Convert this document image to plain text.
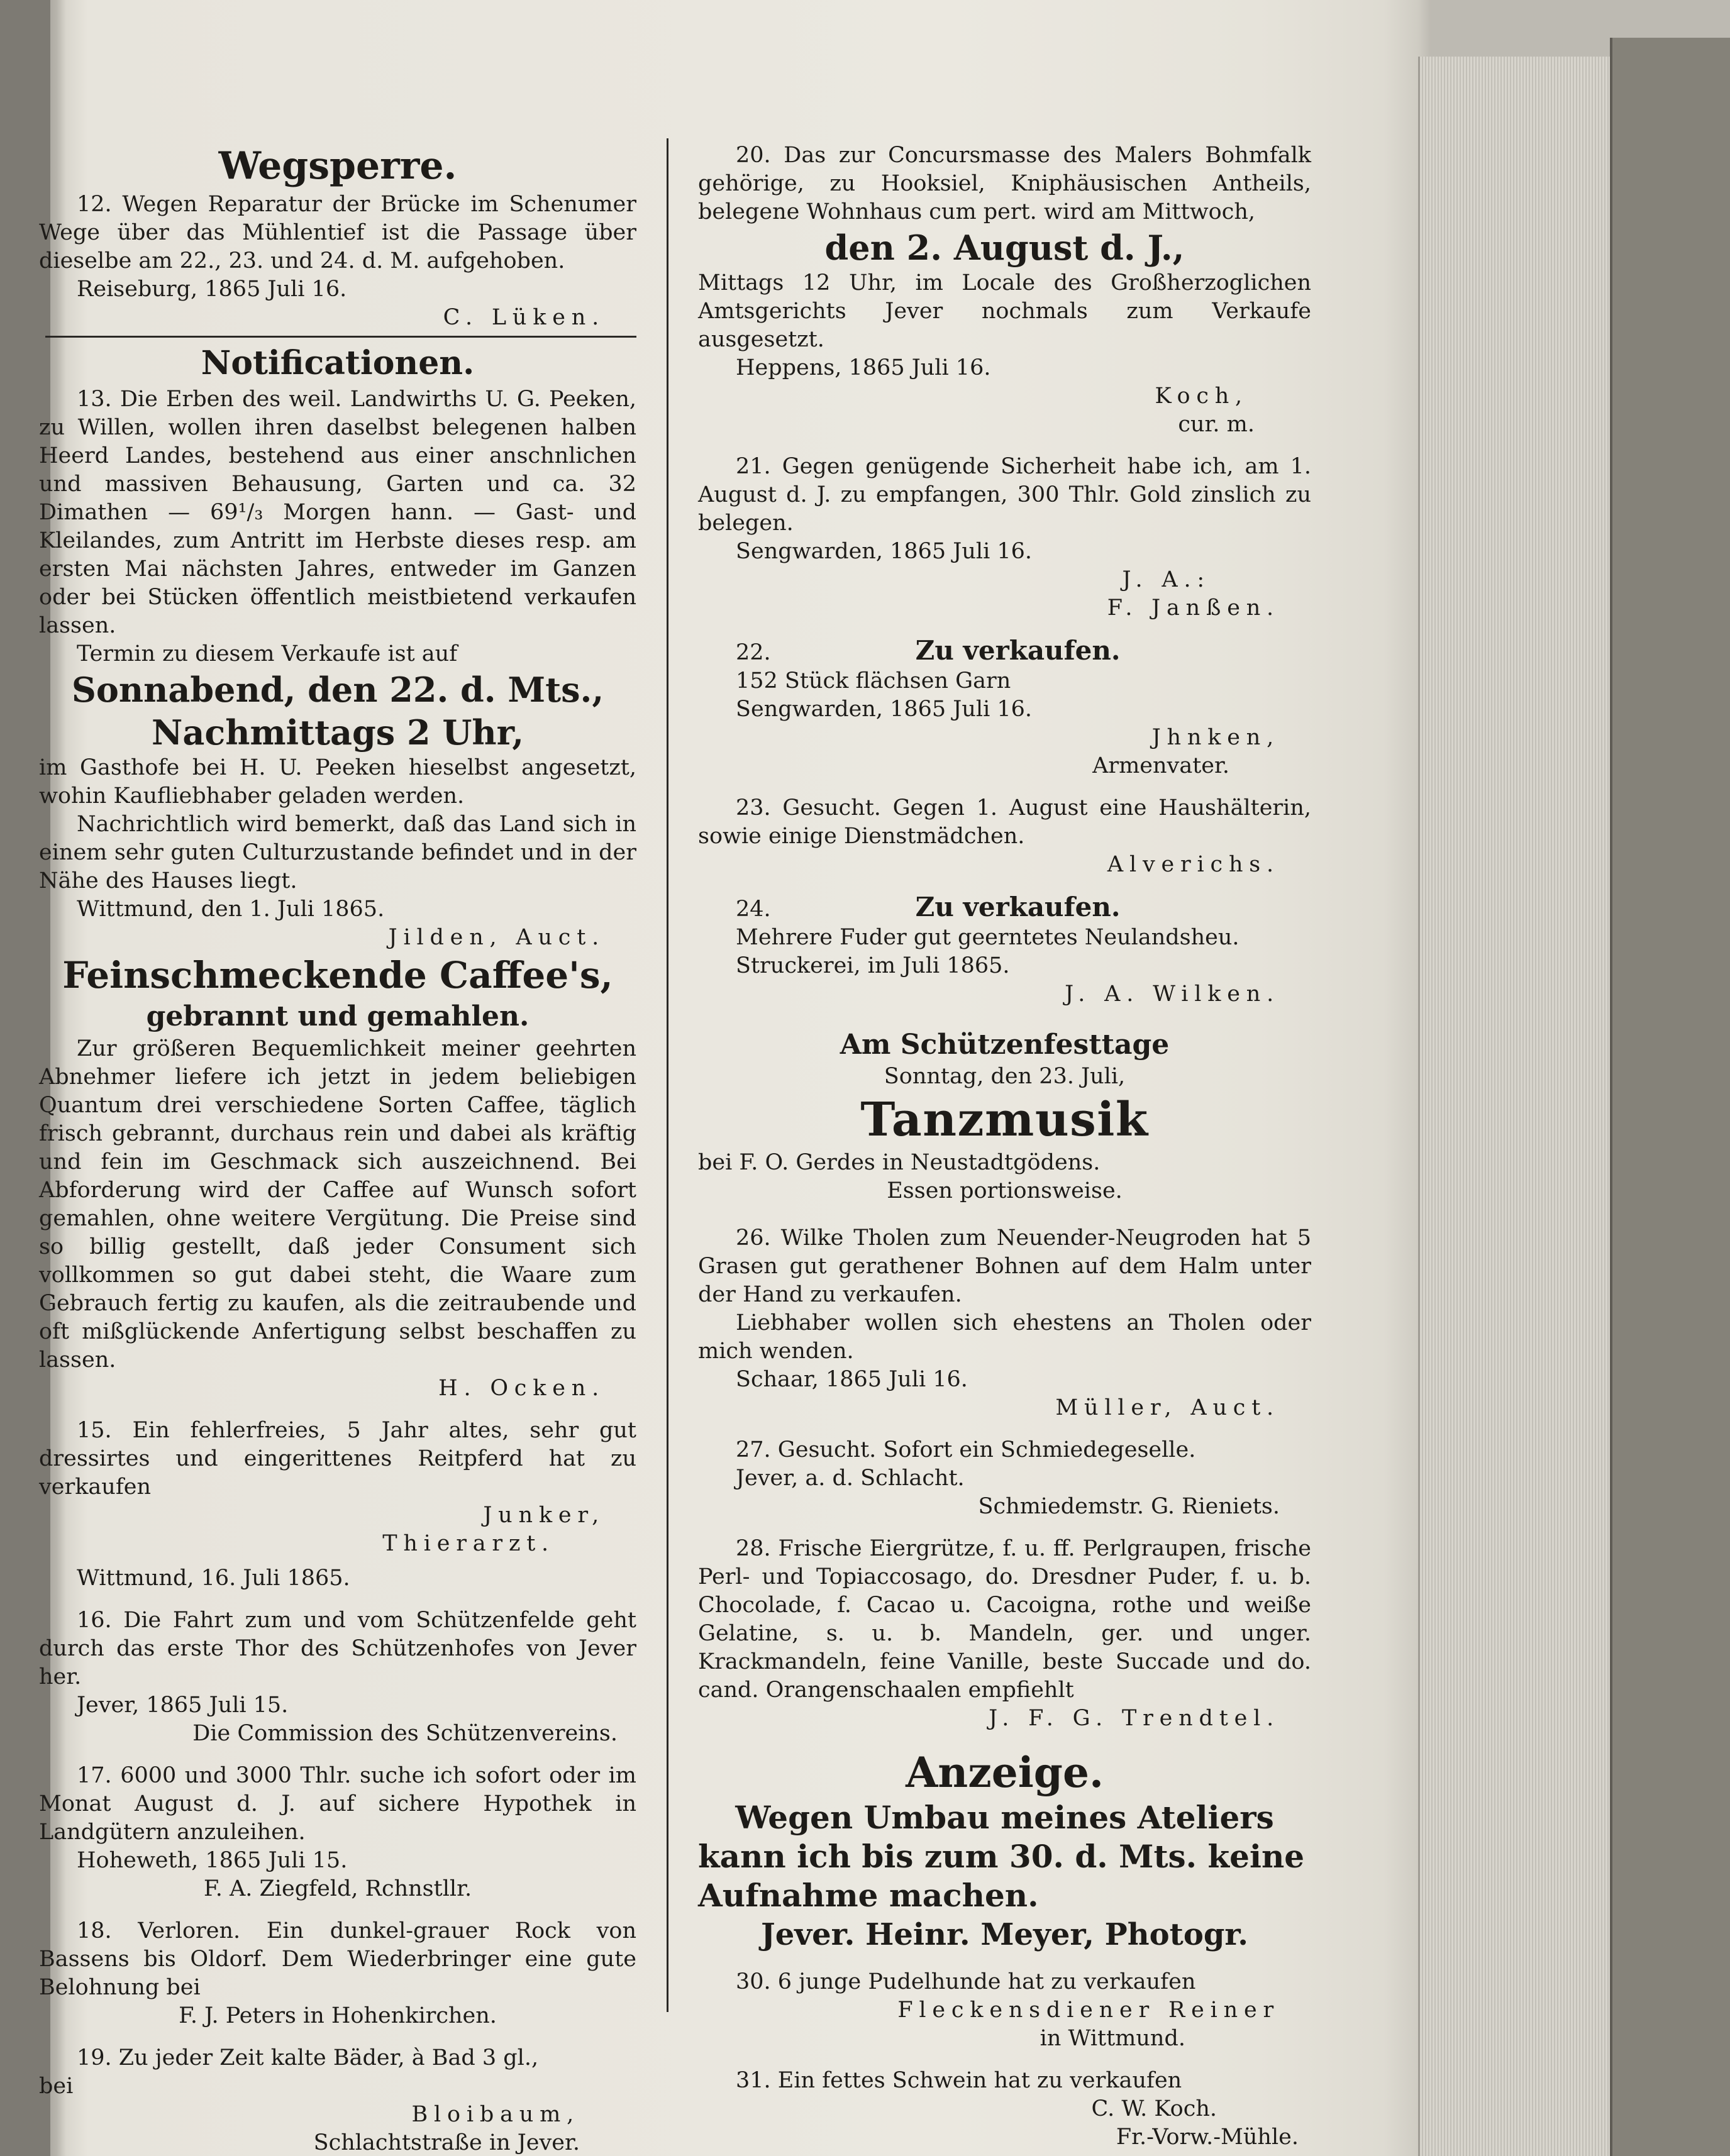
Wegsperre.

12. Wegen Reparatur der Brücke im Schenumer Wege über das Mühlentief ist die Passage über dieselbe am 22., 23. und 24. d. M. aufgehoben.

Reiseburg, 1865 Juli 16.

C. Lüken.

Notificationen.

13. Die Erben des weil. Landwirths U. G. Peeken, zu Willen, wollen ihren daselbst belegenen halben Heerd Landes, bestehend aus einer anschnlichen und massiven Behausung, Garten und ca. 32 Dimathen — 69¹/₃ Morgen hann. — Gast- und Kleilandes, zum Antritt im Herbste dieses resp. am ersten Mai nächsten Jahres, entweder im Ganzen oder bei Stücken öffentlich meistbietend verkaufen lassen.

Termin zu diesem Verkaufe ist auf

Sonnabend, den 22. d. Mts.,

Nachmittags 2 Uhr,

im Gasthofe bei H. U. Peeken hieselbst angesetzt, wohin Kaufliebhaber geladen werden.

Nachrichtlich wird bemerkt, daß das Land sich in einem sehr guten Culturzustande befindet und in der Nähe des Hauses liegt.

Wittmund, den 1. Juli 1865.

Jilden, Auct.

Feinschmeckende Caffee's,

gebrannt und gemahlen.

Zur größeren Bequemlichkeit meiner geehrten Abnehmer liefere ich jetzt in jedem beliebigen Quantum drei verschiedene Sorten Caffee, täglich frisch gebrannt, durchaus rein und dabei als kräftig und fein im Geschmack sich auszeichnend. Bei Abforderung wird der Caffee auf Wunsch sofort gemahlen, ohne weitere Vergütung. Die Preise sind so billig gestellt, daß jeder Consument sich vollkommen so gut dabei steht, die Waare zum Gebrauch fertig zu kaufen, als die zeitraubende und oft mißglückende Anfertigung selbst beschaffen zu lassen.

H. Ocken.

15. Ein fehlerfreies, 5 Jahr altes, sehr gut dressirtes und eingerittenes Reitpferd hat zu verkaufen

Junker,

Thierarzt.

Wittmund, 16. Juli 1865.

16. Die Fahrt zum und vom Schützenfelde geht durch das erste Thor des Schützenhofes von Jever her.

Jever, 1865 Juli 15.

Die Commission des Schützenvereins.

17. 6000 und 3000 Thlr. suche ich sofort oder im Monat August d. J. auf sichere Hypothek in Landgütern anzuleihen.

Hoheweth, 1865 Juli 15.

F. A. Ziegfeld, Rchnstllr.

18. Verloren. Ein dunkel-grauer Rock von Bassens bis Oldorf. Dem Wiederbringer eine gute Belohnung bei

F. J. Peters in Hohenkirchen.

19. Zu jeder Zeit kalte Bäder, à Bad 3 gl.,

bei

Bloibaum,

Schlachtstraße in Jever.

20. Das zur Concursmasse des Malers Bohmfalk gehörige, zu Hooksiel, Kniphäusischen Antheils, belegene Wohnhaus cum pert. wird am Mittwoch,

den 2. August d. J.,

Mittags 12 Uhr, im Locale des Großherzoglichen Amtsgerichts Jever nochmals zum Verkaufe ausgesetzt.

Heppens, 1865 Juli 16.

Koch,

cur. m.

21. Gegen genügende Sicherheit habe ich, am 1. August d. J. zu empfangen, 300 Thlr. Gold zinslich zu belegen.

Sengwarden, 1865 Juli 16.

J. A.:

F. Janßen.

22.	Zu verkaufen.

152 Stück flächsen Garn

Sengwarden, 1865 Juli 16.

Jhnken,

Armenvater.

23. Gesucht. Gegen 1. August eine Haushälterin, sowie einige Dienstmädchen.

Alverichs.

24.	Zu verkaufen.

Mehrere Fuder gut geerntetes Neulandsheu.

Struckerei, im Juli 1865.

J. A. Wilken.

Am Schützenfesttage

Sonntag, den 23. Juli,

Tanzmusik

bei F. O. Gerdes in Neustadtgödens.

Essen portionsweise.

26. Wilke Tholen zum Neuender-Neugroden hat 5 Grasen gut gerathener Bohnen auf dem Halm unter der Hand zu verkaufen.

Liebhaber wollen sich ehestens an Tholen oder mich wenden.

Schaar, 1865 Juli 16.

Müller, Auct.

27. Gesucht. Sofort ein Schmiedegeselle.

Jever, a. d. Schlacht.

Schmiedemstr. G. Rieniets.

28. Frische Eiergrütze, f. u. ff. Perlgraupen, frische Perl- und Topiaccosago, do. Dresdner Puder, f. u. b. Chocolade, f. Cacao u. Cacoigna, rothe und weiße Gelatine, s. u. b. Mandeln, ger. und unger. Krackmandeln, feine Vanille, beste Succade und do. cand. Orangenschaalen empfiehlt

J. F. G. Trendtel.

Anzeige.

Wegen Umbau meines Ateliers

kann ich bis zum 30. d. Mts. keine

Aufnahme machen.

Jever. Heinr. Meyer, Photogr.

30. 6 junge Pudelhunde hat zu verkaufen

Fleckensdiener Reiner

in Wittmund.

31. Ein fettes Schwein hat zu verkaufen

C. W. Koch.

Fr.-Vorw.-Mühle.
